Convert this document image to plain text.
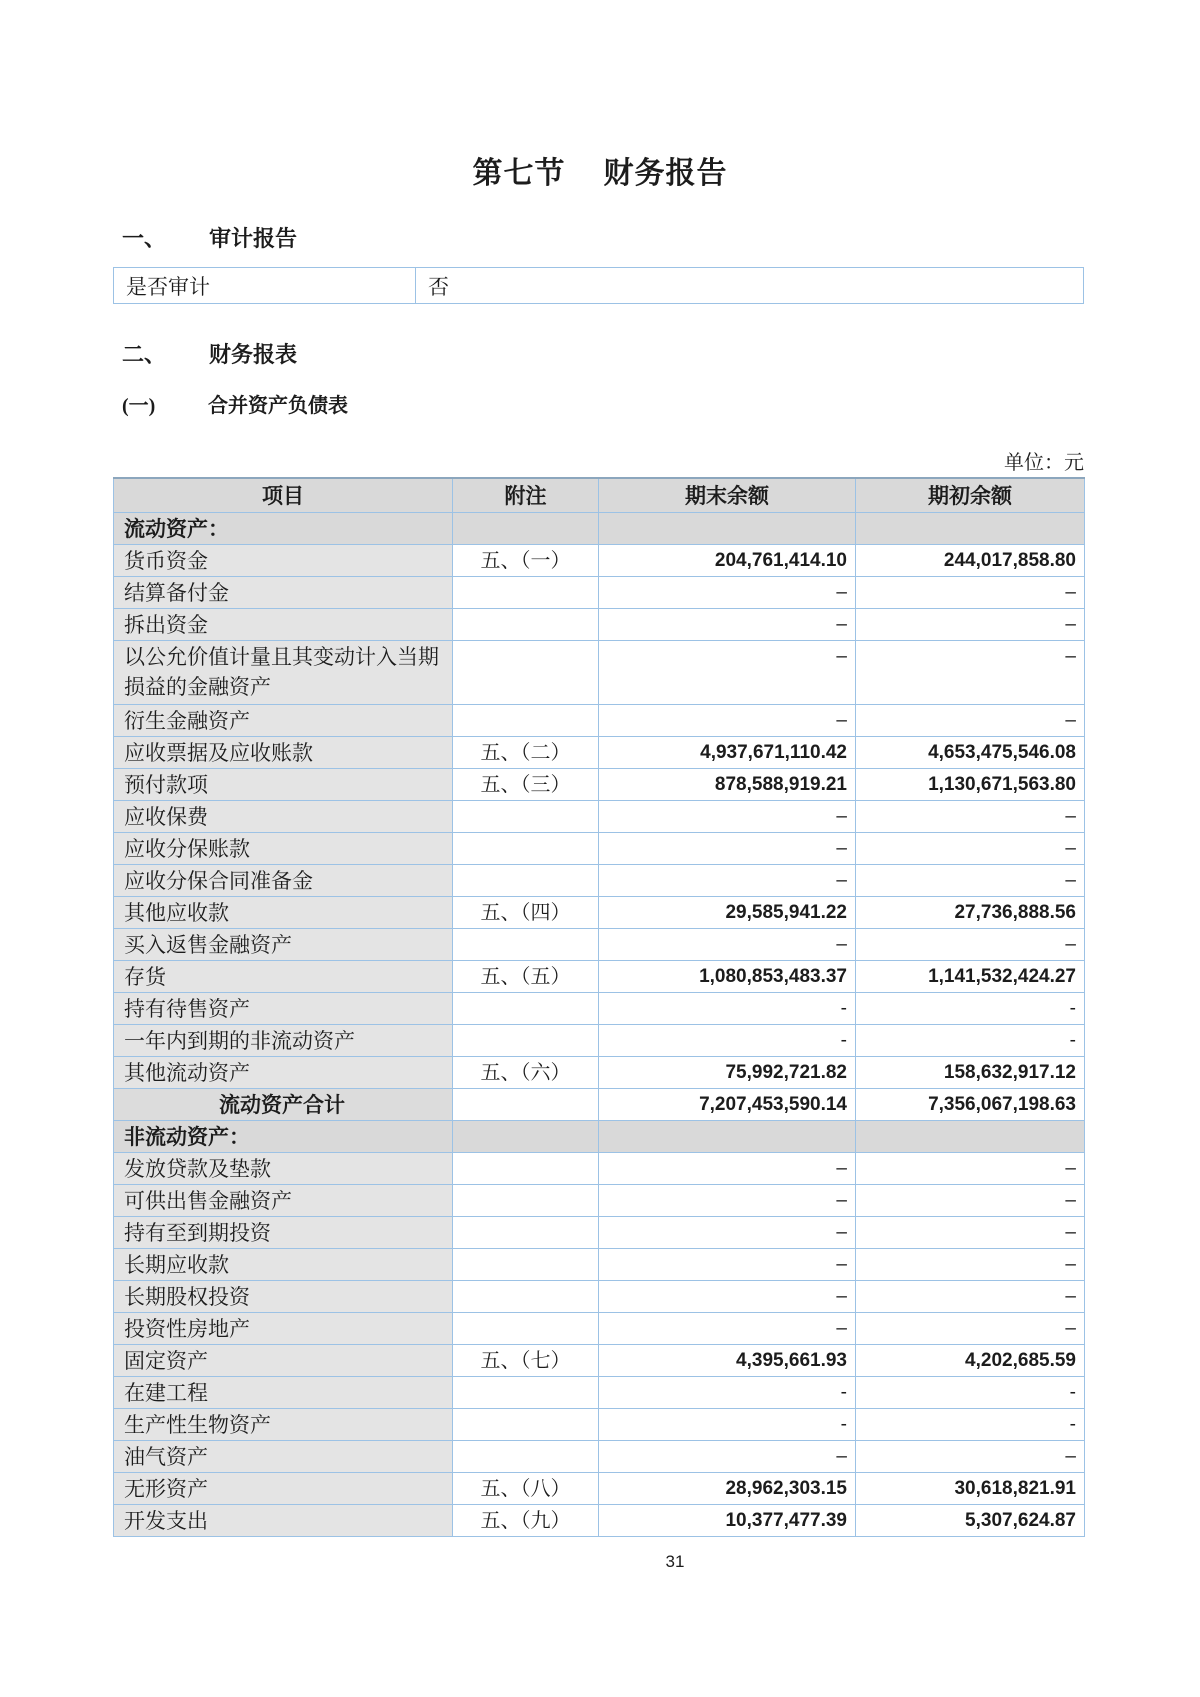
第七节 财务报告
一、 审计报告
是否审计	否
二、 财务报表
(一)	合并资产负债表
单位：元
项目	附注	期末余额	期初余额
流动资产：			
货币资金	五、（一）	204,761,414.10	244,017,858.80
结算备付金		–	–
拆出资金		–	–
以公允价值计量且其变动计入当期损益的金融资产		–	–
衍生金融资产		–	–
应收票据及应收账款	五、（二）	4,937,671,110.42	4,653,475,546.08
预付款项	五、（三）	878,588,919.21	1,130,671,563.80
应收保费		–	–
应收分保账款		–	–
应收分保合同准备金		–	–
其他应收款	五、（四）	29,585,941.22	27,736,888.56
买入返售金融资产		–	–
存货	五、（五）	1,080,853,483.37	1,141,532,424.27
持有待售资产		-	-
一年内到期的非流动资产		-	-
其他流动资产	五、（六）	75,992,721.82	158,632,917.12
流动资产合计		7,207,453,590.14	7,356,067,198.63
非流动资产：			
发放贷款及垫款		–	–
可供出售金融资产		–	–
持有至到期投资		–	–
长期应收款		–	–
长期股权投资		–	–
投资性房地产		–	–
固定资产	五、（七）	4,395,661.93	4,202,685.59
在建工程		-	-
生产性生物资产		-	-
油气资产		–	–
无形资产	五、（八）	28,962,303.15	30,618,821.91
开发支出	五、（九）	10,377,477.39	5,307,624.87
31
